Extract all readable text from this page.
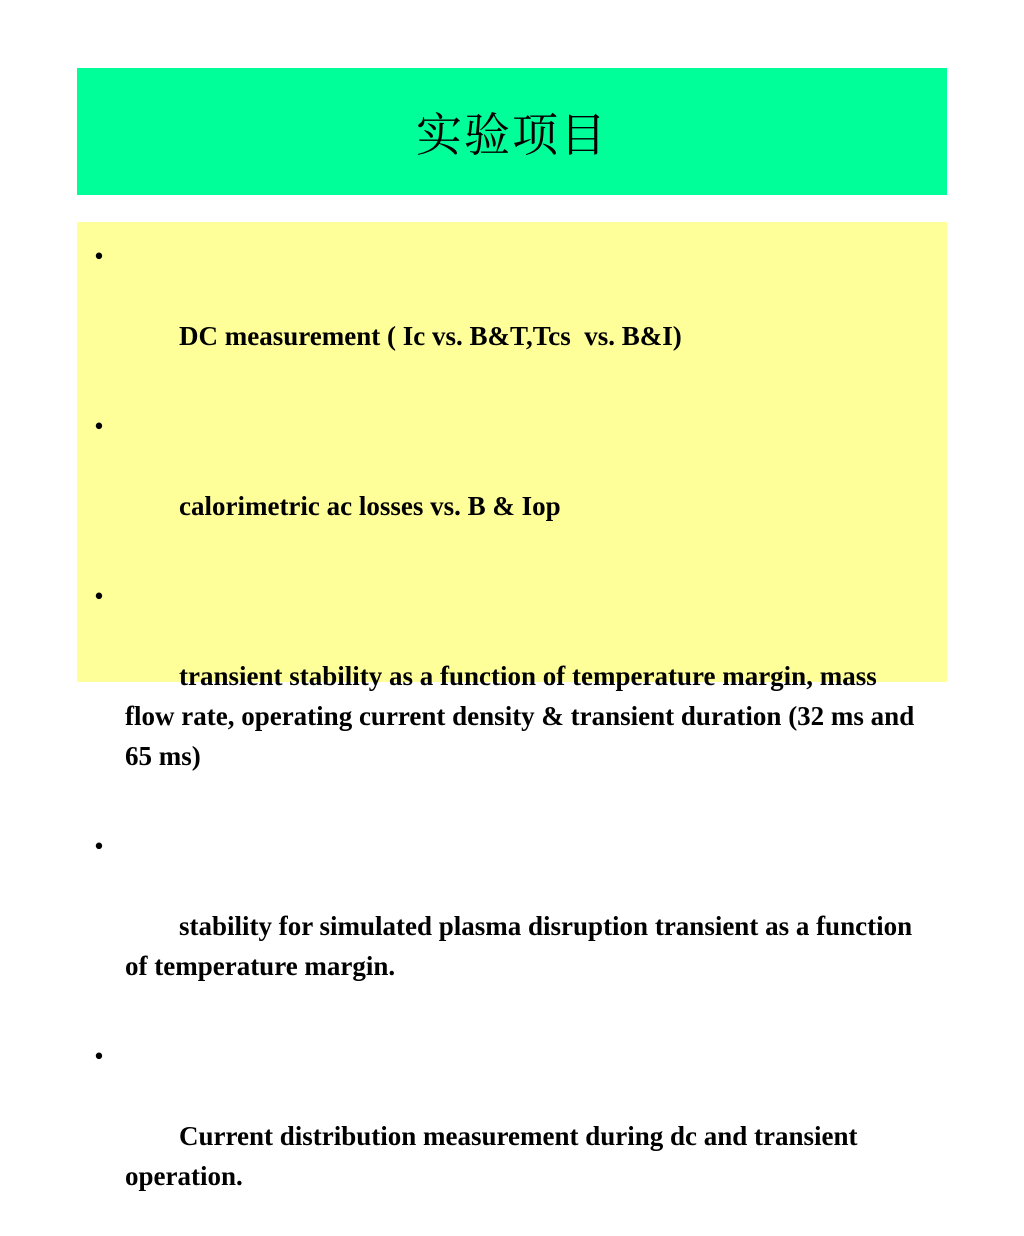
实验项目

•

DC measurement ( Ic vs. B&T,Tcs  vs. B&I)

•

calorimetric ac losses vs. B & Iop

•

transient stability as a function of temperature margin, mass flow rate, operating current density & transient duration (32 ms and 65 ms)

•

stability for simulated plasma disruption transient as a function of temperature margin.

•

Current distribution measurement during dc and transient operation.
